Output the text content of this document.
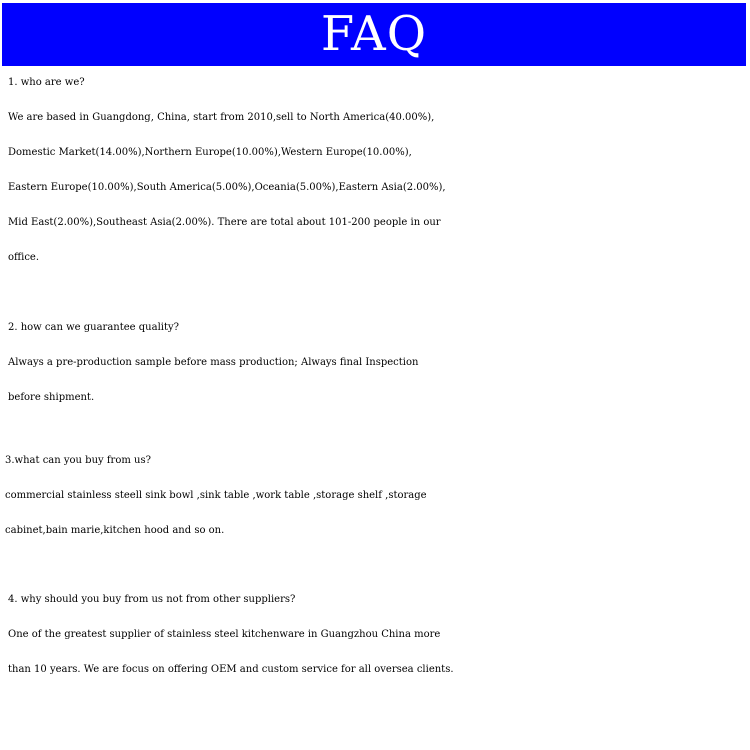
FAQ

1. who are we?

We are based in Guangdong, China, start from 2010,sell to North America(40.00%),

Domestic Market(14.00%),Northern Europe(10.00%),Western Europe(10.00%),

Eastern Europe(10.00%),South America(5.00%),Oceania(5.00%),Eastern Asia(2.00%),

Mid East(2.00%),Southeast Asia(2.00%). There are total about 101-200 people in our

office.

2. how can we guarantee quality?

Always a pre-production sample before mass production; Always final Inspection

before shipment.

3.what can you buy from us?

commercial stainless steell sink bowl ,sink table ,work table ,storage shelf ,storage

cabinet,bain marie,kitchen hood and so on.

4. why should you buy from us not from other suppliers?

One of the greatest supplier of stainless steel kitchenware in Guangzhou China more

than 10 years. We are focus on offering OEM and custom service for all oversea clients.
